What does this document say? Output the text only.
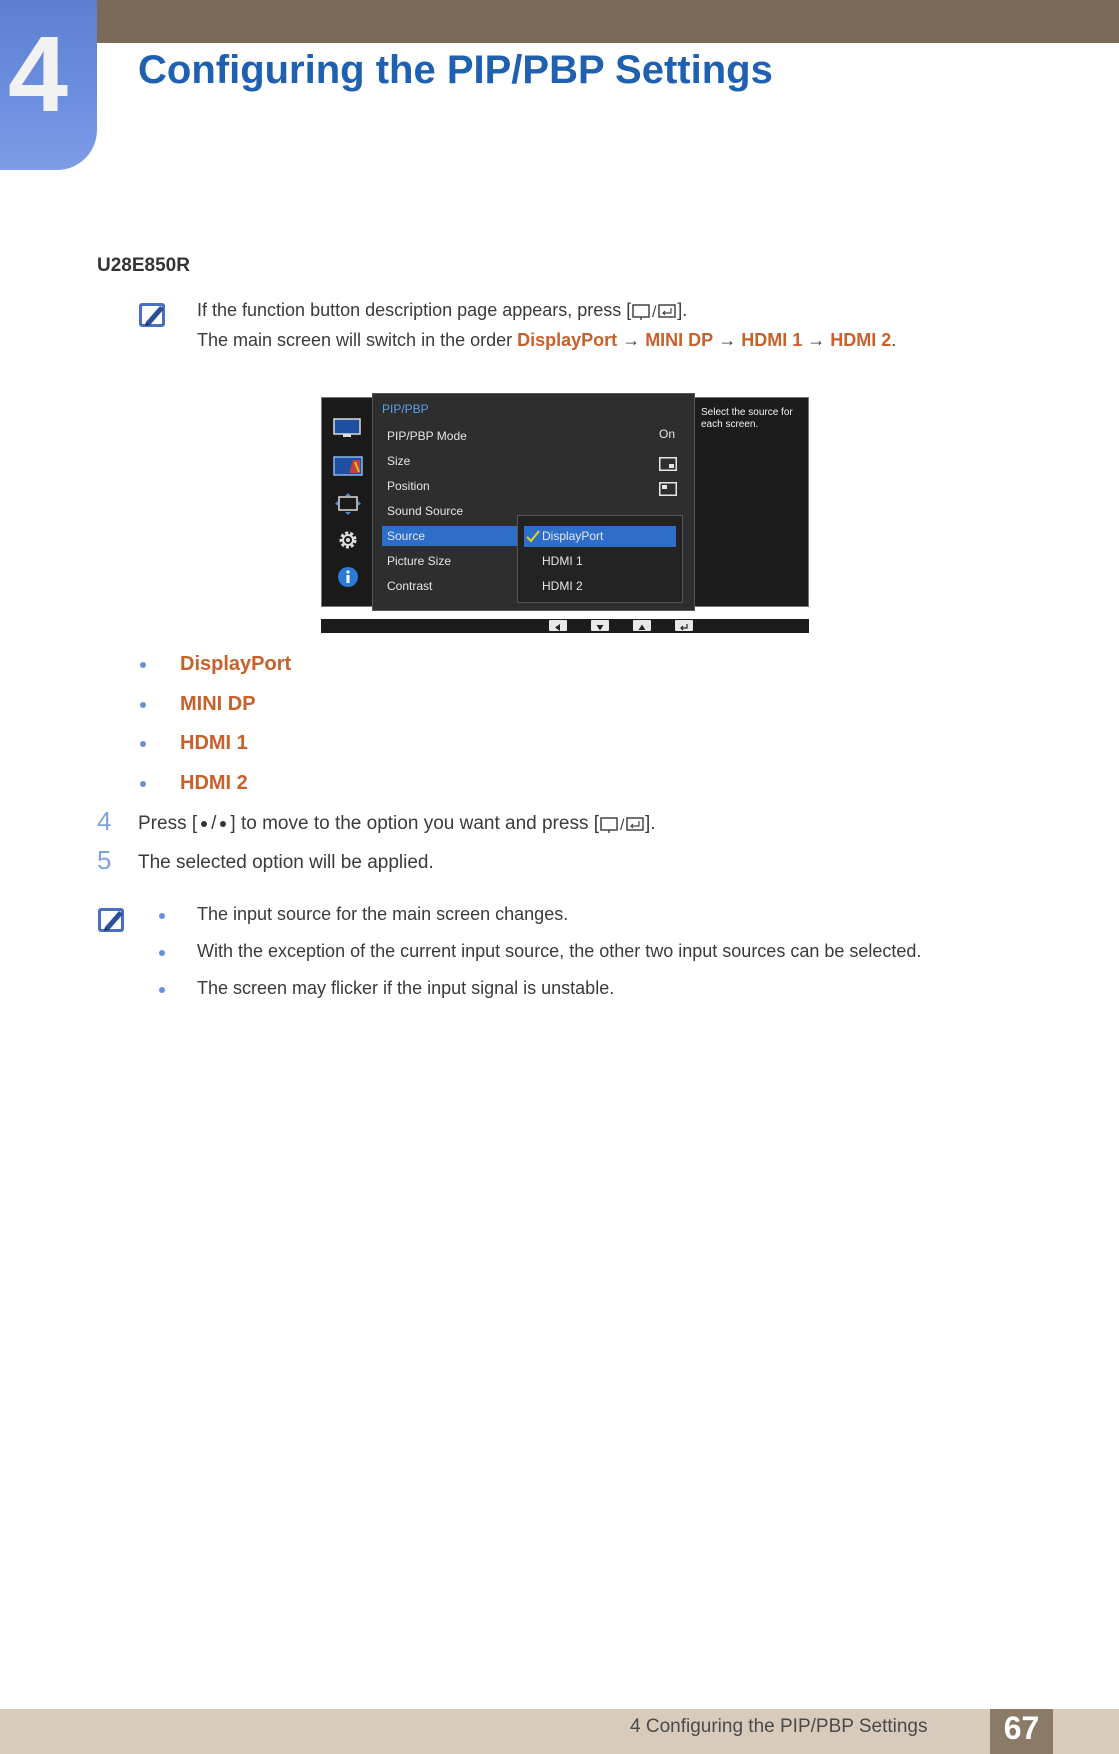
4 Configuring the PIP/PBP Settings
U28E850R
If the function button description page appears, press [ / ].
The main screen will switch in the order DisplayPort → MINI DP → HDMI 1 → HDMI 2.
PIP/PBP
PIP/PBP Mode
Size
Position
Sound Source
Source
Picture Size
Contrast
On
DisplayPort
HDMI 1
HDMI 2
Select the source for each screen.
DisplayPort
MINI DP
HDMI 1
HDMI 2
4 Press [ / ] to move to the option you want and press [ / ].
5 The selected option will be applied.
The input source for the main screen changes.
With the exception of the current input source, the other two input sources can be selected.
The screen may flicker if the input signal is unstable.
4 Configuring the PIP/PBP Settings	67
